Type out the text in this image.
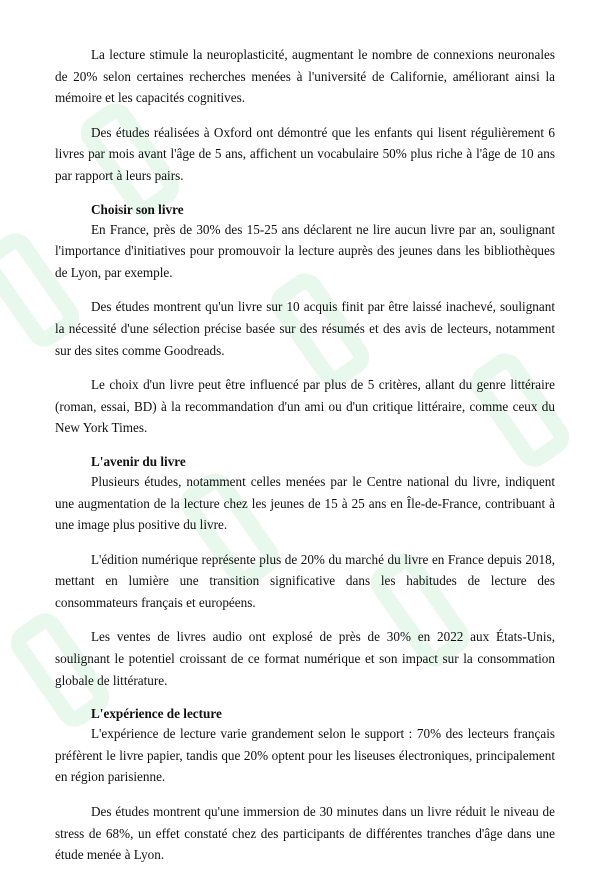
La lecture stimule la neuroplasticité, augmentant le nombre de connexions neuronales de 20% selon certaines recherches menées à l'université de Californie, améliorant ainsi la mémoire et les capacités cognitives.

Des études réalisées à Oxford ont démontré que les enfants qui lisent régulièrement 6 livres par mois avant l'âge de 5 ans, affichent un vocabulaire 50% plus riche à l'âge de 10 ans par rapport à leurs pairs.

Choisir son livre

En France, près de 30% des 15-25 ans déclarent ne lire aucun livre par an, soulignant l'importance d'initiatives pour promouvoir la lecture auprès des jeunes dans les bibliothèques de Lyon, par exemple.

Des études montrent qu'un livre sur 10 acquis finit par être laissé inachevé, soulignant la nécessité d'une sélection précise basée sur des résumés et des avis de lecteurs, notamment sur des sites comme Goodreads.

Le choix d'un livre peut être influencé par plus de 5 critères, allant du genre littéraire (roman, essai, BD) à la recommandation d'un ami ou d'un critique littéraire, comme ceux du New York Times.

L'avenir du livre

Plusieurs études, notamment celles menées par le Centre national du livre, indiquent une augmentation de la lecture chez les jeunes de 15 à 25 ans en Île-de-France, contribuant à une image plus positive du livre.

L'édition numérique représente plus de 20% du marché du livre en France depuis 2018, mettant en lumière une transition significative dans les habitudes de lecture des consommateurs français et européens.

Les ventes de livres audio ont explosé de près de 30% en 2022 aux États-Unis, soulignant le potentiel croissant de ce format numérique et son impact sur la consommation globale de littérature.

L'expérience de lecture

L'expérience de lecture varie grandement selon le support : 70% des lecteurs français préfèrent le livre papier, tandis que 20% optent pour les liseuses électroniques, principalement en région parisienne.

Des études montrent qu'une immersion de 30 minutes dans un livre réduit le niveau de stress de 68%, un effet constaté chez des participants de différentes tranches d'âge dans une étude menée à Lyon.
